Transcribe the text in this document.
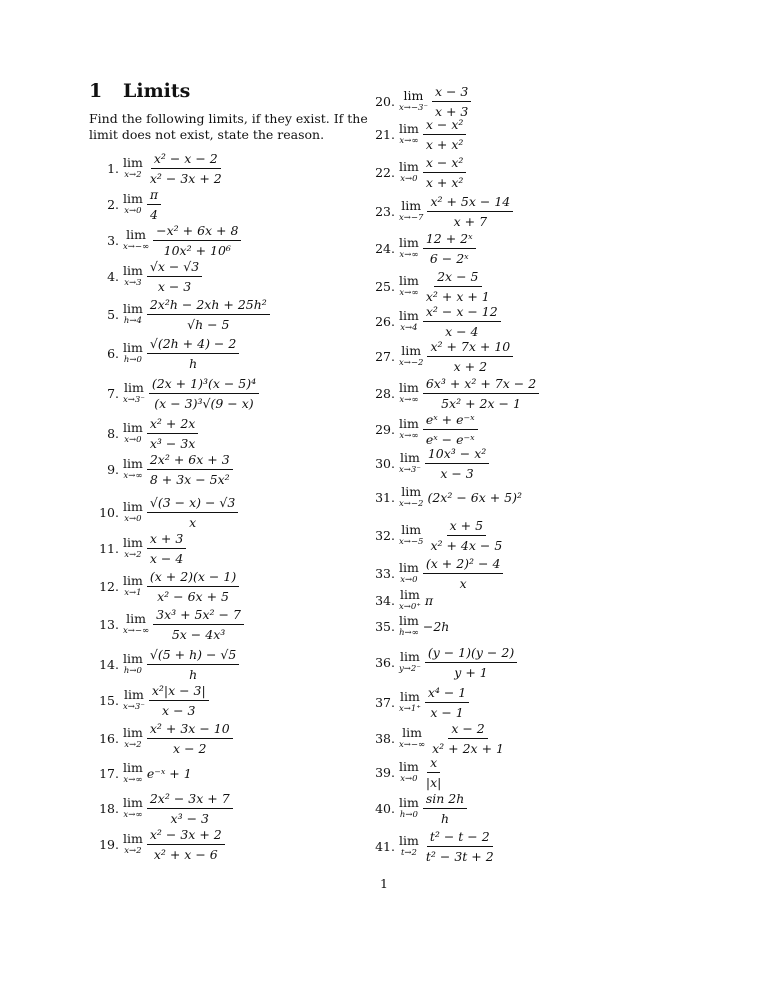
1 Limits
Find the following limits, if they exist. If the limit does not exist, state the reason.
1. lim
$x\to 2 \frac{\text{x² − x − 2}}{\text{x² − 3x + 2}}$
2. lim
$x\to 0 \frac{\pi}{4}$
3. lim
$x\to-\infty \frac{\text{−x² + 6x + 8}}{\text{10x² + 10⁶}}$
4. lim
$x\to 3 \frac{√x - √3}{x - 3}$
5. lim
$h\to 4 \frac{\text{2x²h − 2xh + 25h²}}{√h - 5}$
6. lim
$h\to 0 \frac{√(2h + 4) - 2}{h}$
7. lim
$x\to 3^- \frac{\text{(2x + 1)³(x − 5)⁴}}{\text{(x − 3)³√(9 − x)}}$
8. lim
$x\to 0 \frac{\text{x² + 2x}}{\text{x³ − 3x}}$
9. lim
$x\to\infty \frac{\text{2x² + 6x + 3}}{\text{8 + 3x − 5x²}}$
10. lim
$x\to 0 \frac{√(3 - x) - √3}{x}$
11. lim
$x\to 2 \frac{x + 3}{x - 4}$
12. lim
$x\to 1 \frac{(x + 2)(x - 1)}{\text{x² − 6x + 5}}$
13. lim
$x\to-\infty \frac{\text{3x³ + 5x² − 7}}{\text{5x − 4x³}}$
14. lim
$h\to 0 \frac{√(5 + h) - √5}{h}$
15. lim
$x\to 3^- \frac{\text{x²|x − 3|}}{x - 3}$
16. lim
$x\to 2 \frac{\text{x² + 3x − 10}}{x - 2}$
17. lim
x→∞ e⁻ˣ + 1
18. lim
$x\to\infty \frac{\text{2x² − 3x + 7}}{\text{x³ − 3}}$
19. lim
$x\to 2 \frac{\text{x² − 3x + 2}}{\text{x² + x − 6}}$
20. lim
$x\to-3^- \frac{x - 3}{x + 3}$
21. lim
$x\to\infty \frac{\text{x − x²}}{\text{x + x²}}$
22. lim
$x\to 0 \frac{\text{x − x²}}{\text{x + x²}}$
23. lim
$x\to-7 \frac{\text{x² + 5x − 14}}{x + 7}$
24. lim
$x\to\infty \frac{\text{12 + 2ˣ}}{\text{6 − 2ˣ}}$
25. lim
$x\to\infty \frac{2x - 5}{\text{x² + x + 1}}$
26. lim
$x\to 4 \frac{\text{x² − x − 12}}{x - 4}$
27. lim
$x\to-2 \frac{\text{x² + 7x + 10}}{x + 2}$
28. lim
$x\to\infty \frac{\text{6x³ + x² + 7x − 2}}{\text{5x² + 2x − 1}}$
29. lim
$x\to\infty \frac{\text{eˣ + e⁻ˣ}}{\text{eˣ − e⁻ˣ}}$
30. lim
$x\to 3^- \frac{\text{10x³ − x²}}{x - 3}$
31. lim
x→−2 (2x² − 6x + 5)²
32. lim
$x\to-5 \frac{x + 5}{\text{x² + 4x − 5}}$
33. lim
$x\to 0 \frac{\text{(x + 2)² − 4}}{x}$
34. lim
x→0⁺ π
35. lim
h→∞ −2h
36. lim
$y\to 2^- \frac{(y - 1)(y - 2)}{y + 1}$
37. lim
$x\to 1^+ \frac{\text{x⁴ − 1}}{x - 1}$
38. lim
$x\to-\infty \frac{x - 2}{\text{x² + 2x + 1}}$
39. lim
$x\to 0 \frac{x}{|x|}$
40. lim
$h\to 0 \frac{\sin 2h}{h}$
41. lim
$t\to 2 \frac{\text{t² − t − 2}}{\text{t² − 3t + 2}}$
1
